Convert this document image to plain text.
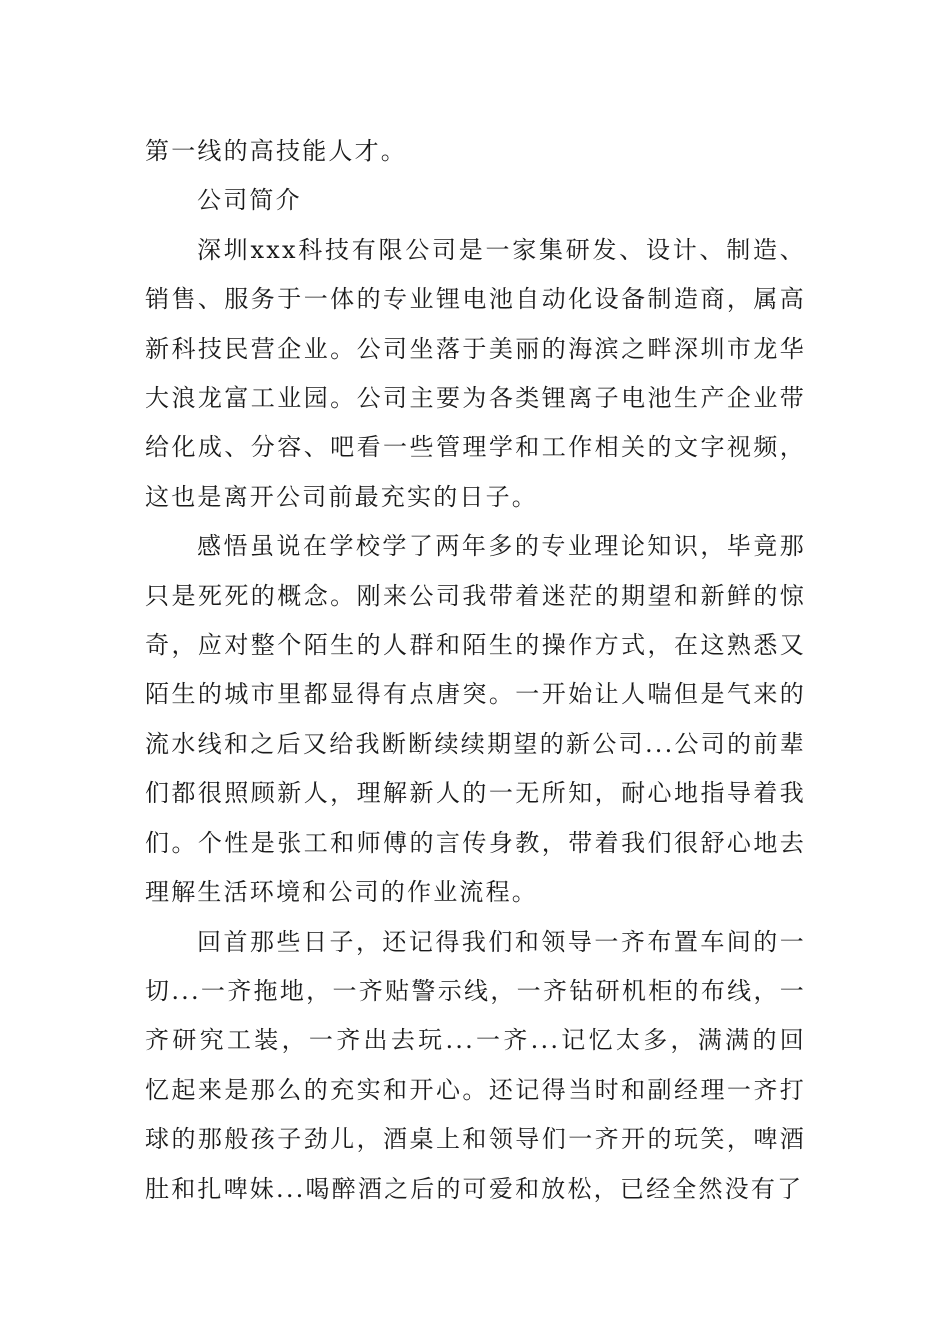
第一线的高技能人才。

公司简介

深圳xxx科技有限公司是一家集研发、设计、制造、销售、服务于一体的专业锂电池自动化设备制造商，属高新科技民营企业。公司坐落于美丽的海滨之畔深圳市龙华大浪龙富工业园。公司主要为各类锂离子电池生产企业带给化成、分容、吧看一些管理学和工作相关的文字视频，这也是离开公司前最充实的日子。

感悟虽说在学校学了两年多的专业理论知识，毕竟那只是死死的概念。刚来公司我带着迷茫的期望和新鲜的惊奇，应对整个陌生的人群和陌生的操作方式，在这熟悉又陌生的城市里都显得有点唐突。一开始让人喘但是气来的流水线和之后又给我断断续续期望的新公司...公司的前辈们都很照顾新人，理解新人的一无所知，耐心地指导着我们。个性是张工和师傅的言传身教，带着我们很舒心地去理解生活环境和公司的作业流程。

回首那些日子，还记得我们和领导一齐布置车间的一切...一齐拖地，一齐贴警示线，一齐钻研机柜的布线，一齐研究工装，一齐出去玩...一齐...记忆太多，满满的回忆起来是那么的充实和开心。还记得当时和副经理一齐打球的那般孩子劲儿，酒桌上和领导们一齐开的玩笑，啤酒肚和扎啤妹...喝醉酒之后的可爱和放松，已经全然没有了
